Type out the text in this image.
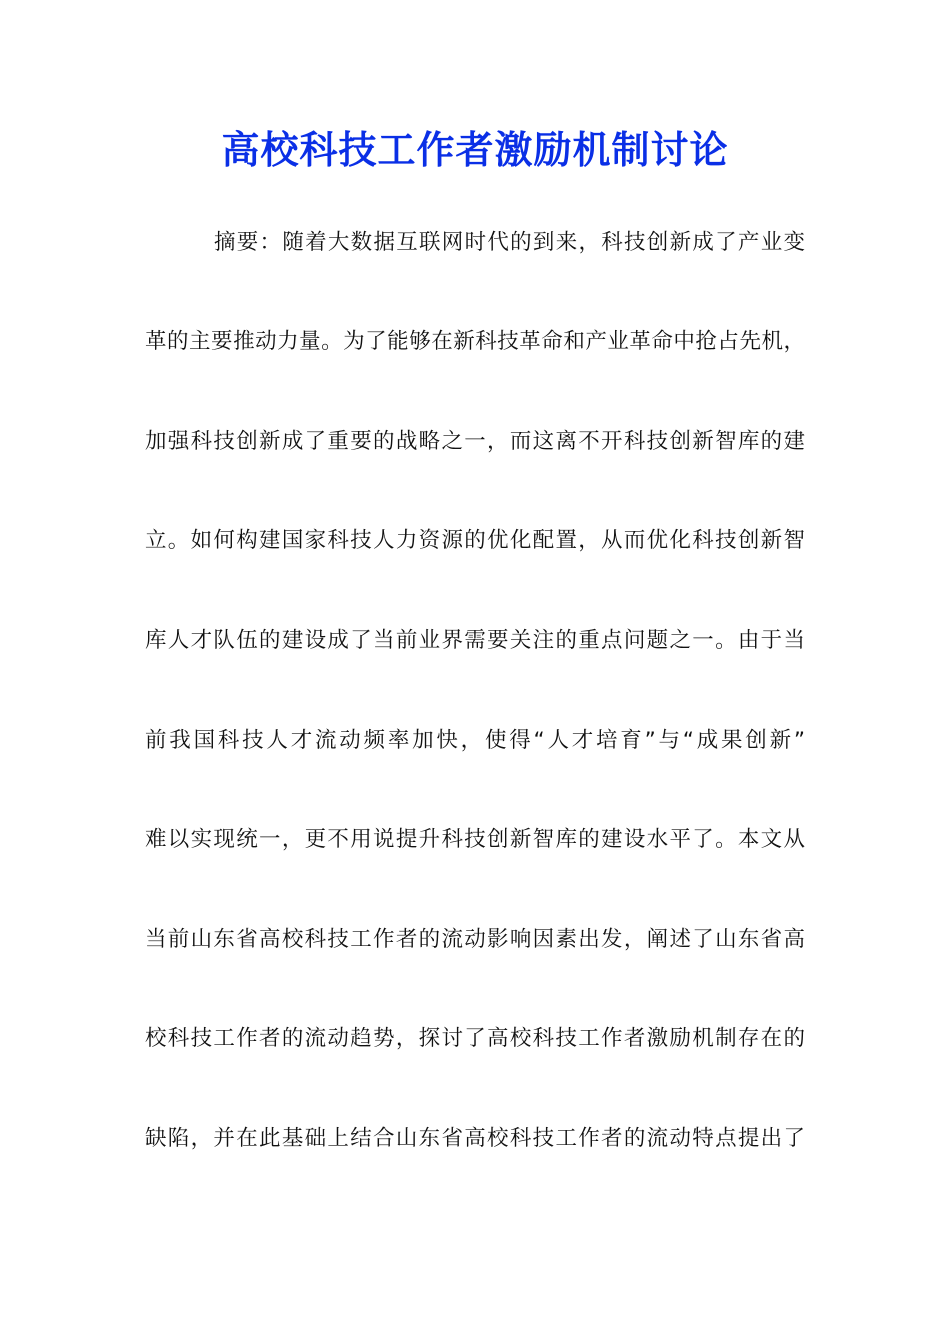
高校科技工作者激励机制讨论
摘要：随着大数据互联网时代的到来，科技创新成了产业变
革的主要推动力量。为了能够在新科技革命和产业革命中抢占先机，
加强科技创新成了重要的战略之一，而这离不开科技创新智库的建
立。如何构建国家科技人力资源的优化配置，从而优化科技创新智
库人才队伍的建设成了当前业界需要关注的重点问题之一。由于当
前我国科技人才流动频率加快，使得“人才培育”与“成果创新”
难以实现统一，更不用说提升科技创新智库的建设水平了。本文从
当前山东省高校科技工作者的流动影响因素出发，阐述了山东省高
校科技工作者的流动趋势，探讨了高校科技工作者激励机制存在的
缺陷，并在此基础上结合山东省高校科技工作者的流动特点提出了
